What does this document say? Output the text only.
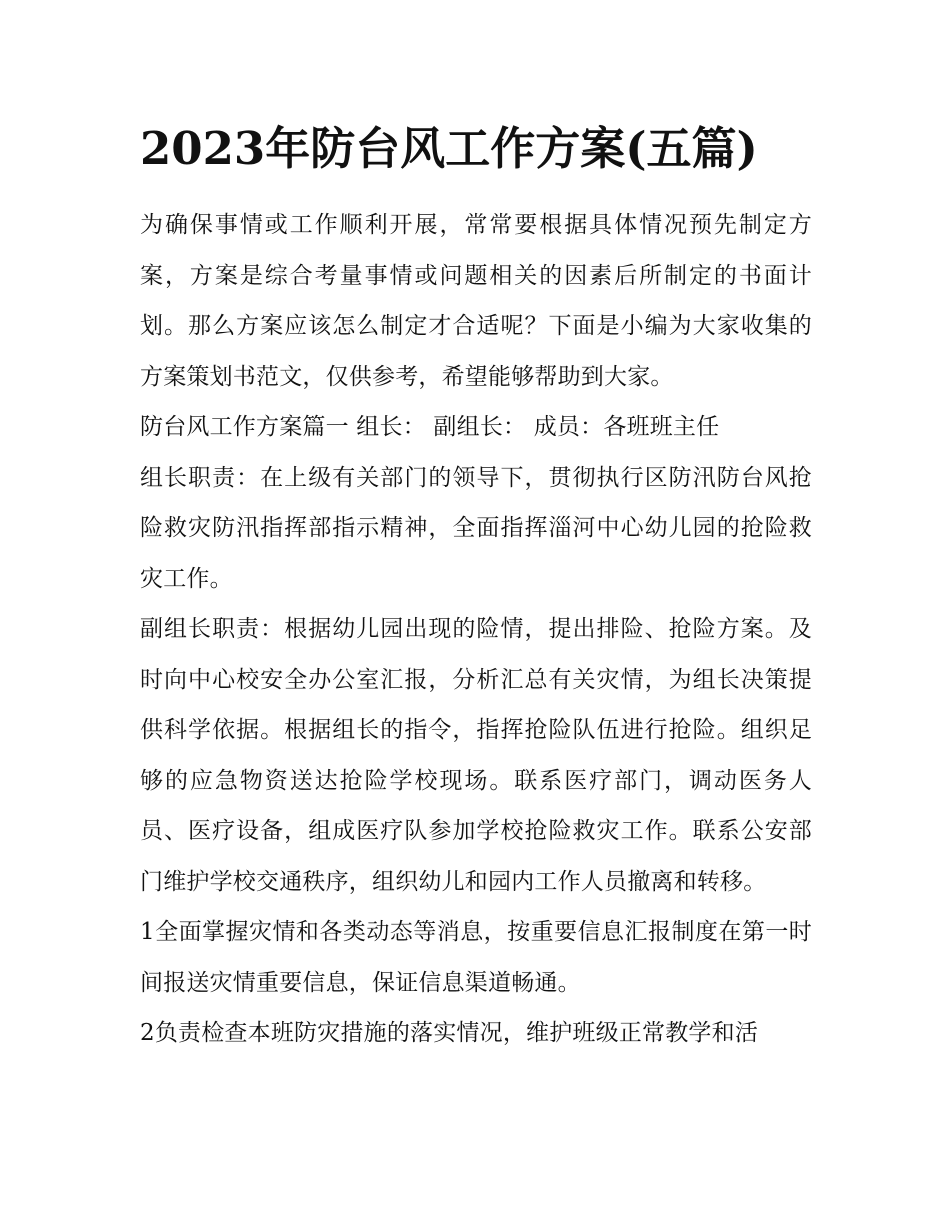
2023年防台风工作方案(五篇)

为确保事情或工作顺利开展，常常要根据具体情况预先制定方案，方案是综合考量事情或问题相关的因素后所制定的书面计划。那么方案应该怎么制定才合适呢？下面是小编为大家收集的方案策划书范文，仅供参考，希望能够帮助到大家。

防台风工作方案篇一 组长： 副组长： 成员：各班班主任

组长职责：在上级有关部门的领导下，贯彻执行区防汛防台风抢险救灾防汛指挥部指示精神，全面指挥淄河中心幼儿园的抢险救灾工作。

副组长职责：根据幼儿园出现的险情，提出排险、抢险方案。及时向中心校安全办公室汇报，分析汇总有关灾情，为组长决策提供科学依据。根据组长的指令，指挥抢险队伍进行抢险。组织足够的应急物资送达抢险学校现场。联系医疗部门，调动医务人员、医疗设备，组成医疗队参加学校抢险救灾工作。联系公安部门维护学校交通秩序，组织幼儿和园内工作人员撤离和转移。

1全面掌握灾情和各类动态等消息，按重要信息汇报制度在第一时间报送灾情重要信息，保证信息渠道畅通。

2负责检查本班防灾措施的落实情况，维护班级正常教学和活
